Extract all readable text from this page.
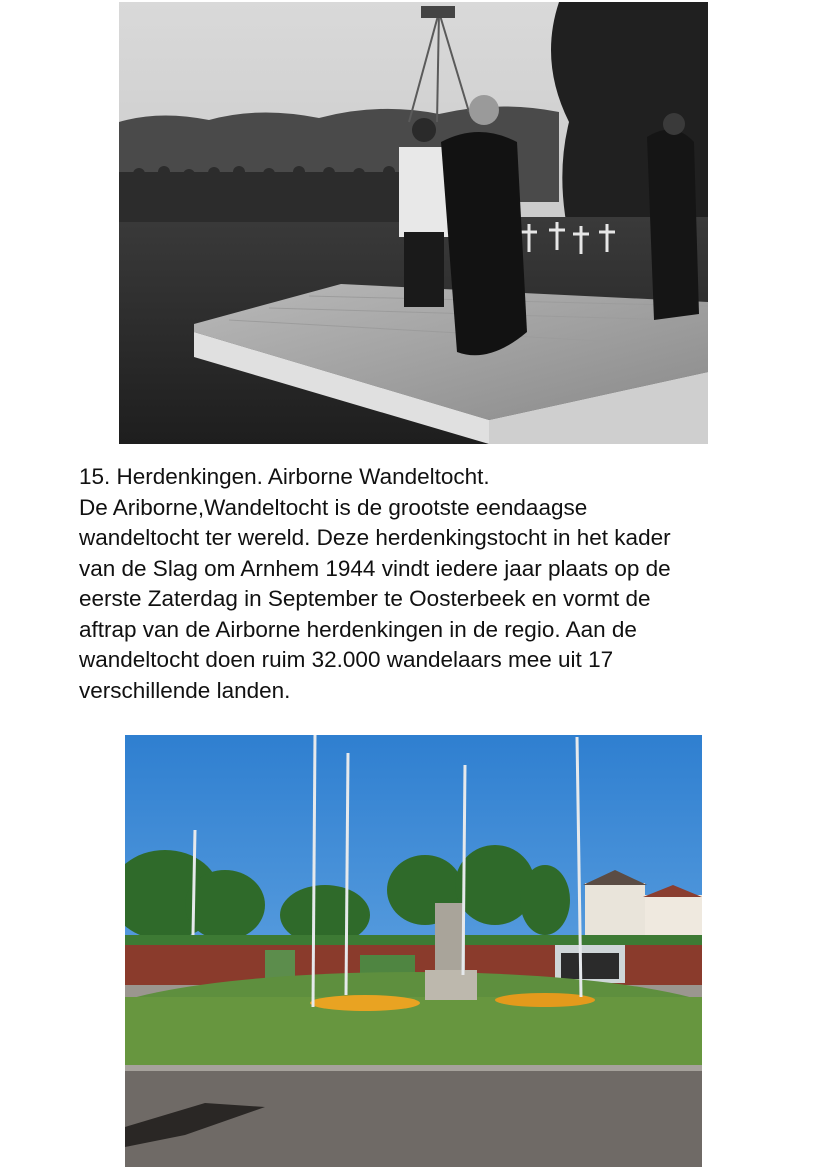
15. Herdenkingen. Airborne Wandeltocht.
De Ariborne,Wandeltocht is de grootste eendaagse
wandeltocht ter wereld. Deze herdenkingstocht in het kader
van de Slag om Arnhem 1944 vindt iedere jaar plaats op de
eerste Zaterdag in September te Oosterbeek en vormt de
aftrap van de Airborne herdenkingen in de regio. Aan de
wandeltocht doen ruim 32.000 wandelaars mee uit 17
verschillende landen.
